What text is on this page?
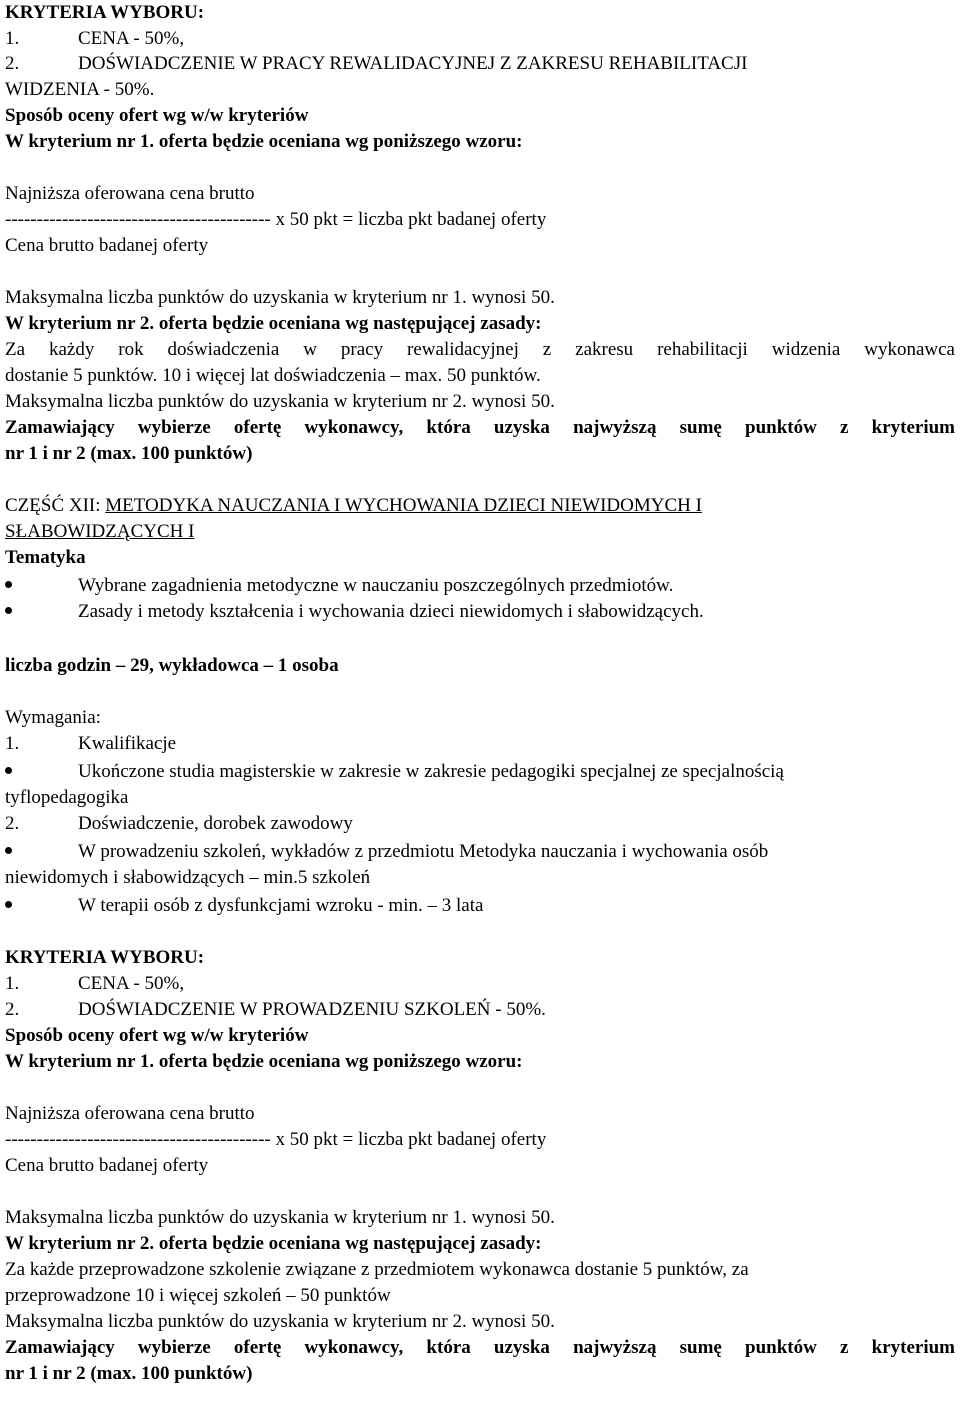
KRYTERIA WYBORU:
1.	CENA - 50%,
2.	DOŚWIADCZENIE W PRACY REWALIDACYJNEJ Z ZAKRESU REHABILITACJI
WIDZENIA - 50%.
Sposób oceny ofert wg w/w kryteriów
W kryterium nr 1. oferta będzie oceniana wg poniższego wzoru:
Najniższa oferowana cena brutto
------------------------------------------ x 50 pkt = liczba pkt badanej oferty
Cena brutto badanej oferty
Maksymalna liczba punktów do uzyskania w kryterium nr 1. wynosi 50.
W kryterium nr 2. oferta będzie oceniana wg następującej zasady:
Za każdy rok doświadczenia w pracy rewalidacyjnej z zakresu rehabilitacji widzenia wykonawca
dostanie 5 punktów. 10 i więcej lat doświadczenia – max. 50 punktów.
Maksymalna liczba punktów do uzyskania w kryterium nr 2. wynosi 50.
Zamawiający wybierze ofertę wykonawcy, która uzyska najwyższą sumę punktów z kryterium
nr 1 i nr 2 (max. 100 punktów)
CZĘŚĆ XII: METODYKA NAUCZANIA I WYCHOWANIA DZIECI NIEWIDOMYCH I
SŁABOWIDZĄCYCH I
Tematyka
Wybrane zagadnienia metodyczne w nauczaniu poszczególnych przedmiotów.
Zasady i metody kształcenia i wychowania dzieci niewidomych i słabowidzących.
liczba godzin – 29, wykładowca – 1 osoba
Wymagania:
1.	Kwalifikacje
Ukończone studia magisterskie w zakresie w zakresie pedagogiki specjalnej ze specjalnością
tyflopedagogika
2.	Doświadczenie, dorobek zawodowy
W prowadzeniu szkoleń, wykładów z przedmiotu Metodyka nauczania i wychowania osób
niewidomych i słabowidzących – min.5 szkoleń
W terapii osób z dysfunkcjami wzroku - min. – 3 lata
KRYTERIA WYBORU:
1.	CENA - 50%,
2.	DOŚWIADCZENIE W PROWADZENIU SZKOLEŃ - 50%.
Sposób oceny ofert wg w/w kryteriów
W kryterium nr 1. oferta będzie oceniana wg poniższego wzoru:
Najniższa oferowana cena brutto
------------------------------------------ x 50 pkt = liczba pkt badanej oferty
Cena brutto badanej oferty
Maksymalna liczba punktów do uzyskania w kryterium nr 1. wynosi 50.
W kryterium nr 2. oferta będzie oceniana wg następującej zasady:
Za każde przeprowadzone szkolenie związane z przedmiotem wykonawca dostanie 5 punktów, za
przeprowadzone 10 i więcej szkoleń – 50 punktów
Maksymalna liczba punktów do uzyskania w kryterium nr 2. wynosi 50.
Zamawiający wybierze ofertę wykonawcy, która uzyska najwyższą sumę punktów z kryterium
nr 1 i nr 2 (max. 100 punktów)
